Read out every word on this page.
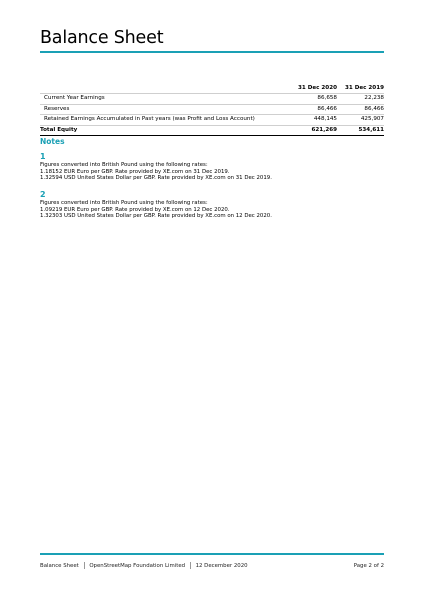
Balance Sheet
	31 Dec 2020	31 Dec 2019
Current Year Earnings	86,658	22,238
Reserves	86,466	86,466
Retained Earnings Accumulated in Past years (was Profit and Loss Account)	448,145	425,907
Total Equity	621,269	534,611
Notes
1
Figures converted into British Pound using the following rates:
1.18152 EUR Euro per GBP. Rate provided by XE.com on 31 Dec 2019.
1.32594 USD United States Dollar per GBP. Rate provided by XE.com on 31 Dec 2019.
2
Figures converted into British Pound using the following rates:
1.09219 EUR Euro per GBP. Rate provided by XE.com on 12 Dec 2020.
1.32303 USD United States Dollar per GBP. Rate provided by XE.com on 12 Dec 2020.
Balance Sheet OpenStreetMap Foundation Limited 12 December 2020	Page 2 of 2
